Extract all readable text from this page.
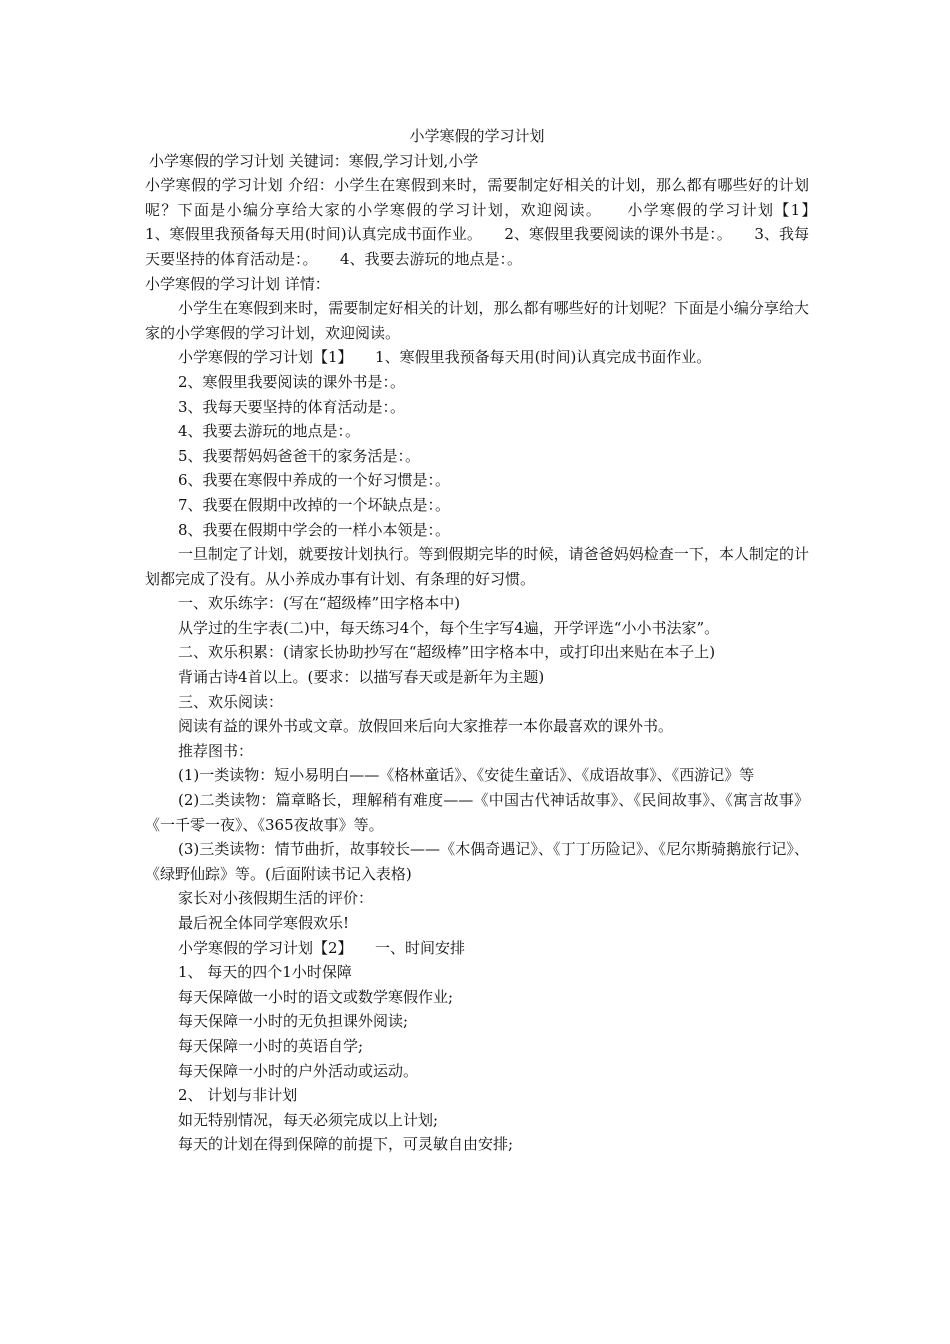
小学寒假的学习计划

小学寒假的学习计划 关键词：寒假,学习计划,小学

小学寒假的学习计划 介绍：小学生在寒假到来时，需要制定好相关的计划，那么都有哪些好的计划呢？下面是小编分享给大家的小学寒假的学习计划，欢迎阅读。　　小学寒假的学习计划【1】　　1、寒假里我预备每天用(时间)认真完成书面作业。　　2、寒假里我要阅读的课外书是：。　　3、我每天要坚持的体育活动是：。　　4、我要去游玩的地点是：。

小学寒假的学习计划 详情：

小学生在寒假到来时，需要制定好相关的计划，那么都有哪些好的计划呢？下面是小编分享给大家的小学寒假的学习计划，欢迎阅读。

小学寒假的学习计划【1】　　1、寒假里我预备每天用(时间)认真完成书面作业。

2、寒假里我要阅读的课外书是：。

3、我每天要坚持的体育活动是：。

4、我要去游玩的地点是：。

5、我要帮妈妈爸爸干的家务活是：。

6、我要在寒假中养成的一个好习惯是：。

7、我要在假期中改掉的一个坏缺点是：。

8、我要在假期中学会的一样小本领是：。

一旦制定了计划，就要按计划执行。等到假期完毕的时候，请爸爸妈妈检查一下，本人制定的计划都完成了没有。从小养成办事有计划、有条理的好习惯。

一、欢乐练字：(写在“超级棒”田字格本中)

从学过的生字表(二)中，每天练习4个，每个生字写4遍，开学评选“小小书法家”。

二、欢乐积累：(请家长协助抄写在“超级棒”田字格本中，或打印出来贴在本子上)

背诵古诗4首以上。(要求：以描写春天或是新年为主题)

三、欢乐阅读：

阅读有益的课外书或文章。放假回来后向大家推荐一本你最喜欢的课外书。

推荐图书：

(1)一类读物：短小易明白——《格林童话》、《安徒生童话》、《成语故事》、《西游记》等

(2)二类读物：篇章略长，理解稍有难度——《中国古代神话故事》、《民间故事》、《寓言故事》《一千零一夜》、《365夜故事》等。

(3)三类读物：情节曲折，故事较长——《木偶奇遇记》、《丁丁历险记》、《尼尔斯骑鹅旅行记》、《绿野仙踪》等。(后面附读书记入表格)

家长对小孩假期生活的评价：

最后祝全体同学寒假欢乐!

小学寒假的学习计划【2】　　一、时间安排

1、 每天的四个1小时保障

每天保障做一小时的语文或数学寒假作业;

每天保障一小时的无负担课外阅读;

每天保障一小时的英语自学;

每天保障一小时的户外活动或运动。

2、 计划与非计划

如无特别情况，每天必须完成以上计划;

每天的计划在得到保障的前提下，可灵敏自由安排;
